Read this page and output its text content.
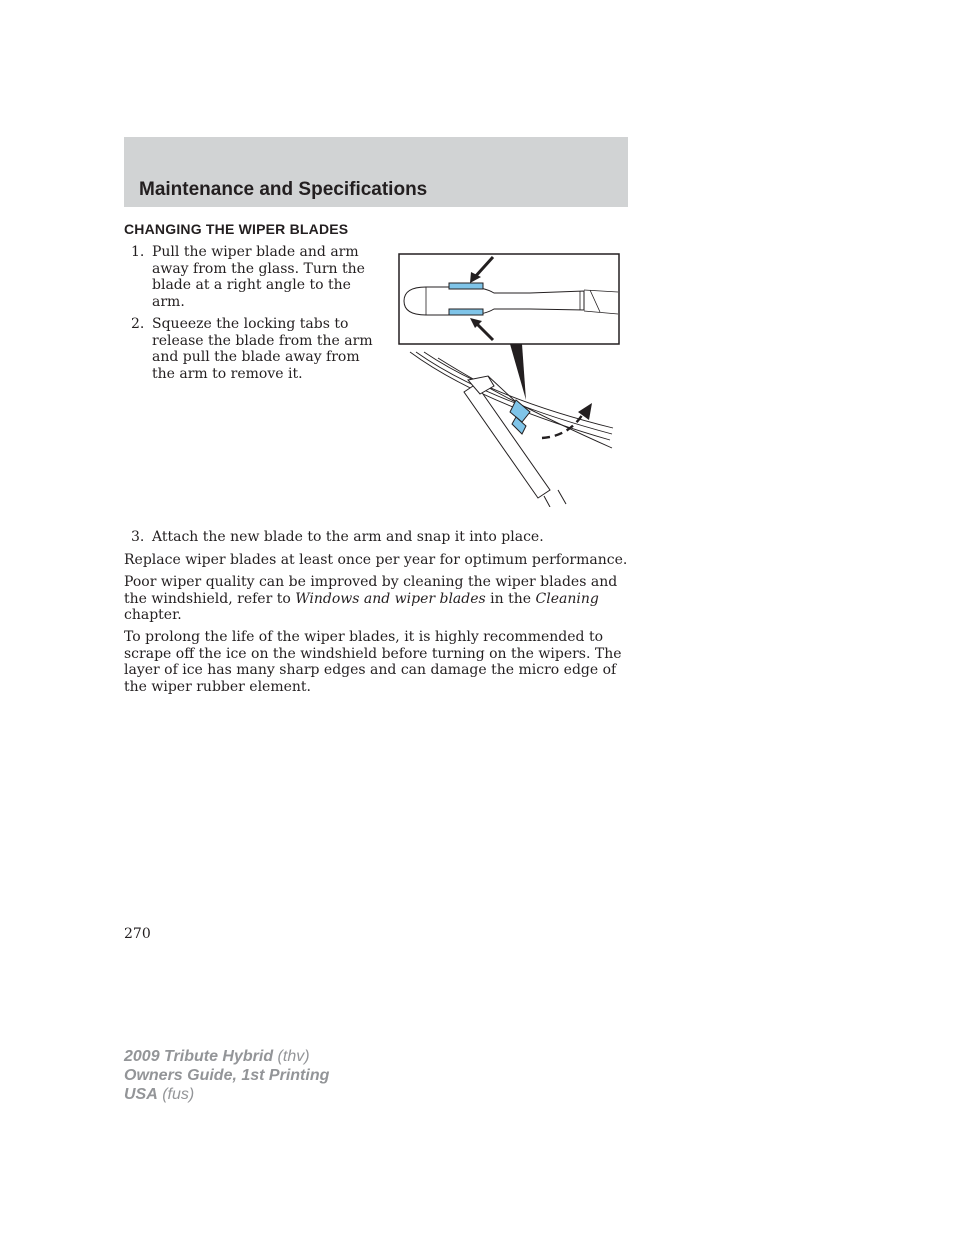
Maintenance and Specifications
CHANGING THE WIPER BLADES
1. Pull the wiper blade and arm away from the glass. Turn the blade at a right angle to the arm.
2. Squeeze the locking tabs to release the blade from the arm and pull the blade away from the arm to remove it.
3. Attach the new blade to the arm and snap it into place.

Replace wiper blades at least once per year for optimum performance.

Poor wiper quality can be improved by cleaning the wiper blades and the windshield, refer to Windows and wiper blades in the Cleaning chapter.

To prolong the life of the wiper blades, it is highly recommended to scrape off the ice on the windshield before turning on the wipers. The layer of ice has many sharp edges and can damage the micro edge of the wiper rubber element.

270
2009 Tribute Hybrid (thv)
Owners Guide, 1st Printing
USA (fus)
